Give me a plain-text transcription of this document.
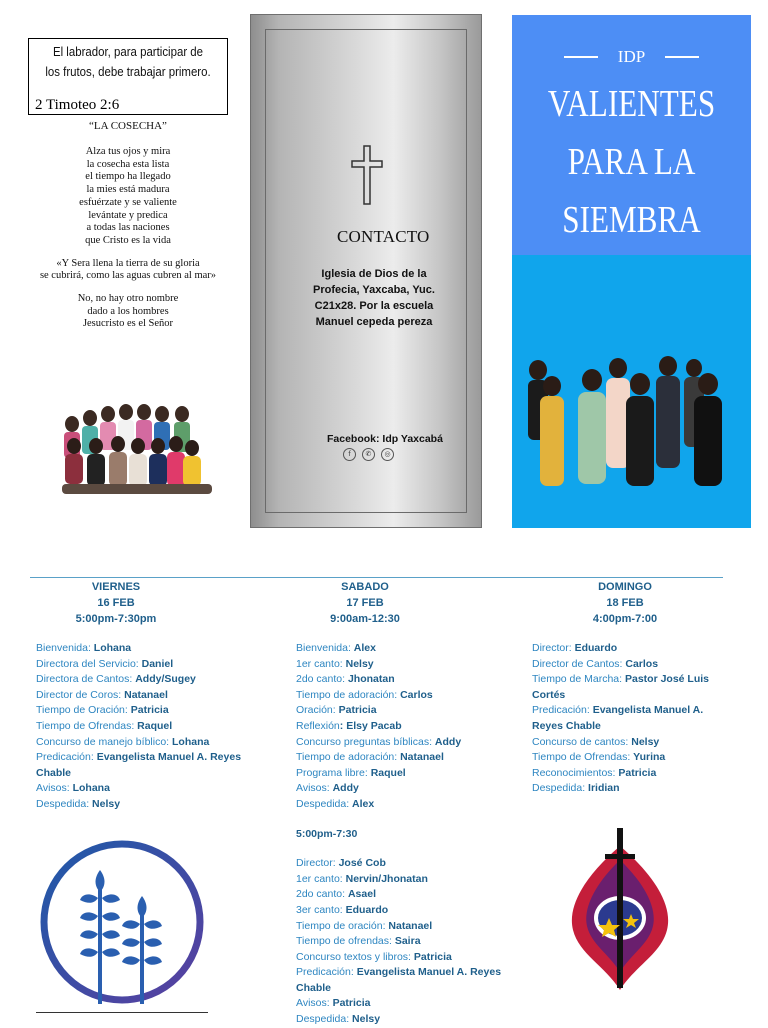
El labrador, para participar de los frutos, debe trabajar primero.
2 Timoteo 2:6
“LA COSECHA”
Alza tus ojos y mira
la cosecha esta lista
el tiempo ha llegado
la mies está madura
esfuérzate y se valiente
levántate y predica
a todas las naciones
que Cristo es la vida
«Y Sera llena la tierra de su gloria
se cubrirá, como las aguas cubren al mar»
No, no hay otro nombre
dado a los hombres
Jesucristo es el Señor
CONTACTO
Iglesia de Dios de la Profecia, Yaxcaba, Yuc. C21x28. Por la escuela Manuel cepeda pereza
Facebook: Idp Yaxcabá
f	✆	◎
IDP
VALIENTES
PARA LA
SIEMBRA
VIERNES
16 FEB
5:00pm-7:30pm
SABADO
17 FEB
9:00am-12:30
DOMINGO
18 FEB
4:00pm-7:00
Bienvenida: Lohana
Directora del Servicio: Daniel
Directora de Cantos: Addy/Sugey
Director de Coros: Natanael
Tiempo de Oración: Patricia
Tiempo de Ofrendas: Raquel
Concurso de manejo bíblico: Lohana
Predicación: Evangelista Manuel A. Reyes Chable
Avisos: Lohana
Despedida: Nelsy
Bienvenida: Alex
1er canto: Nelsy
2do canto: Jhonatan
Tiempo de adoración: Carlos
Oración: Patricia
Reflexión: Elsy Pacab
Concurso preguntas bíblicas: Addy
Tiempo de adoración: Natanael
Programa libre: Raquel
Avisos: Addy
Despedida: Alex
5:00pm-7:30
Director: José Cob
1er canto: Nervin/Jhonatan
2do canto: Asael
3er canto: Eduardo
Tiempo de oración: Natanael
Tiempo de ofrendas: Saira
Concurso textos y libros: Patricia
Predicación: Evangelista Manuel A. Reyes Chable
Avisos: Patricia
Despedida: Nelsy
Director: Eduardo
Director de Cantos: Carlos
Tiempo de Marcha: Pastor José Luis Cortés
Predicación: Evangelista Manuel A. Reyes Chable
Concurso de cantos: Nelsy
Tiempo de Ofrendas: Yurina
Reconocimientos: Patricia
Despedida: Iridian
